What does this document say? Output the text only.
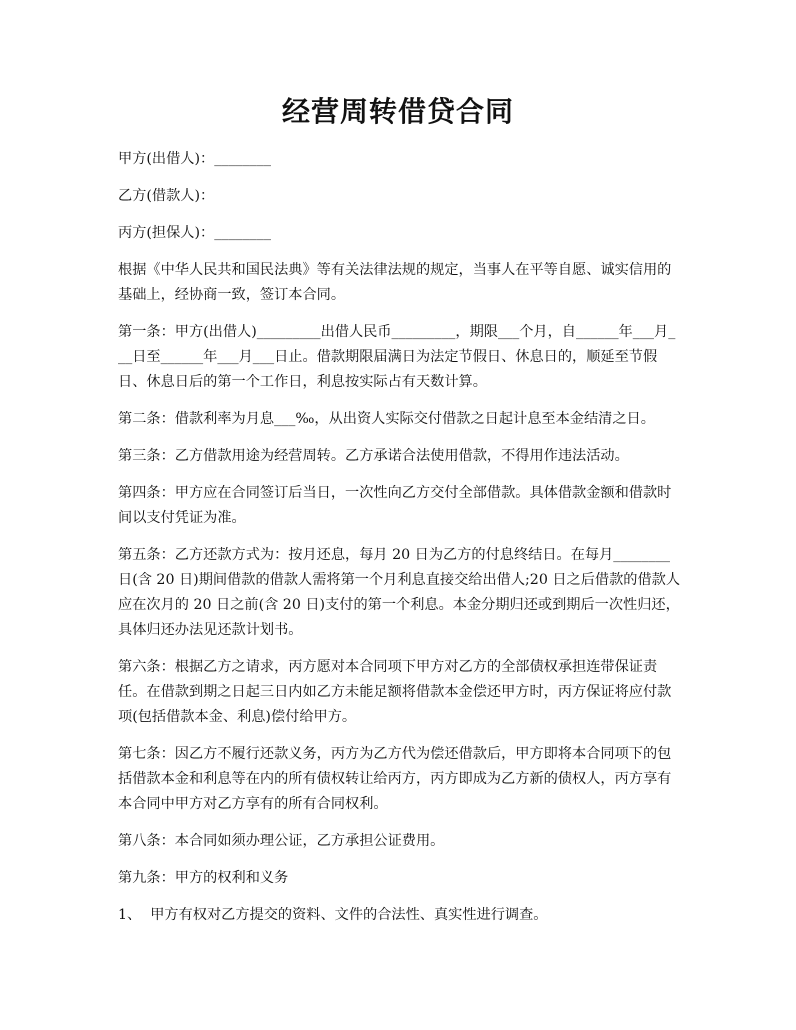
经营周转借贷合同

甲方(出借人)：________

乙方(借款人)：

丙方(担保人)：________

根据《中华人民共和国民法典》等有关法律法规的规定，当事人在平等自愿、诚实信用的基础上，经协商一致，签订本合同。

第一条：甲方(出借人)_________出借人民币_________，期限___个月，自______年___月___日至______年___月___日止。借款期限届满日为法定节假日、休息日的，顺延至节假日、休息日后的第一个工作日，利息按实际占有天数计算。

第二条：借款利率为月息___‰，从出资人实际交付借款之日起计息至本金结清之日。

第三条：乙方借款用途为经营周转。乙方承诺合法使用借款，不得用作违法活动。

第四条：甲方应在合同签订后当日，一次性向乙方交付全部借款。具体借款金额和借款时间以支付凭证为准。

第五条：乙方还款方式为：按月还息，每月 20 日为乙方的付息终结日。在每月________日(含 20 日)期间借款的借款人需将第一个月利息直接交给出借人;20 日之后借款的借款人应在次月的 20 日之前(含 20 日)支付的第一个利息。本金分期归还或到期后一次性归还，具体归还办法见还款计划书。

第六条：根据乙方之请求，丙方愿对本合同项下甲方对乙方的全部债权承担连带保证责任。在借款到期之日起三日内如乙方未能足额将借款本金偿还甲方时，丙方保证将应付款项(包括借款本金、利息)偿付给甲方。

第七条：因乙方不履行还款义务，丙方为乙方代为偿还借款后，甲方即将本合同项下的包括借款本金和利息等在内的所有债权转让给丙方，丙方即成为乙方新的债权人，丙方享有本合同中甲方对乙方享有的所有合同权利。

第八条：本合同如须办理公证，乙方承担公证费用。

第九条：甲方的权利和义务

1、  甲方有权对乙方提交的资料、文件的合法性、真实性进行调查。
